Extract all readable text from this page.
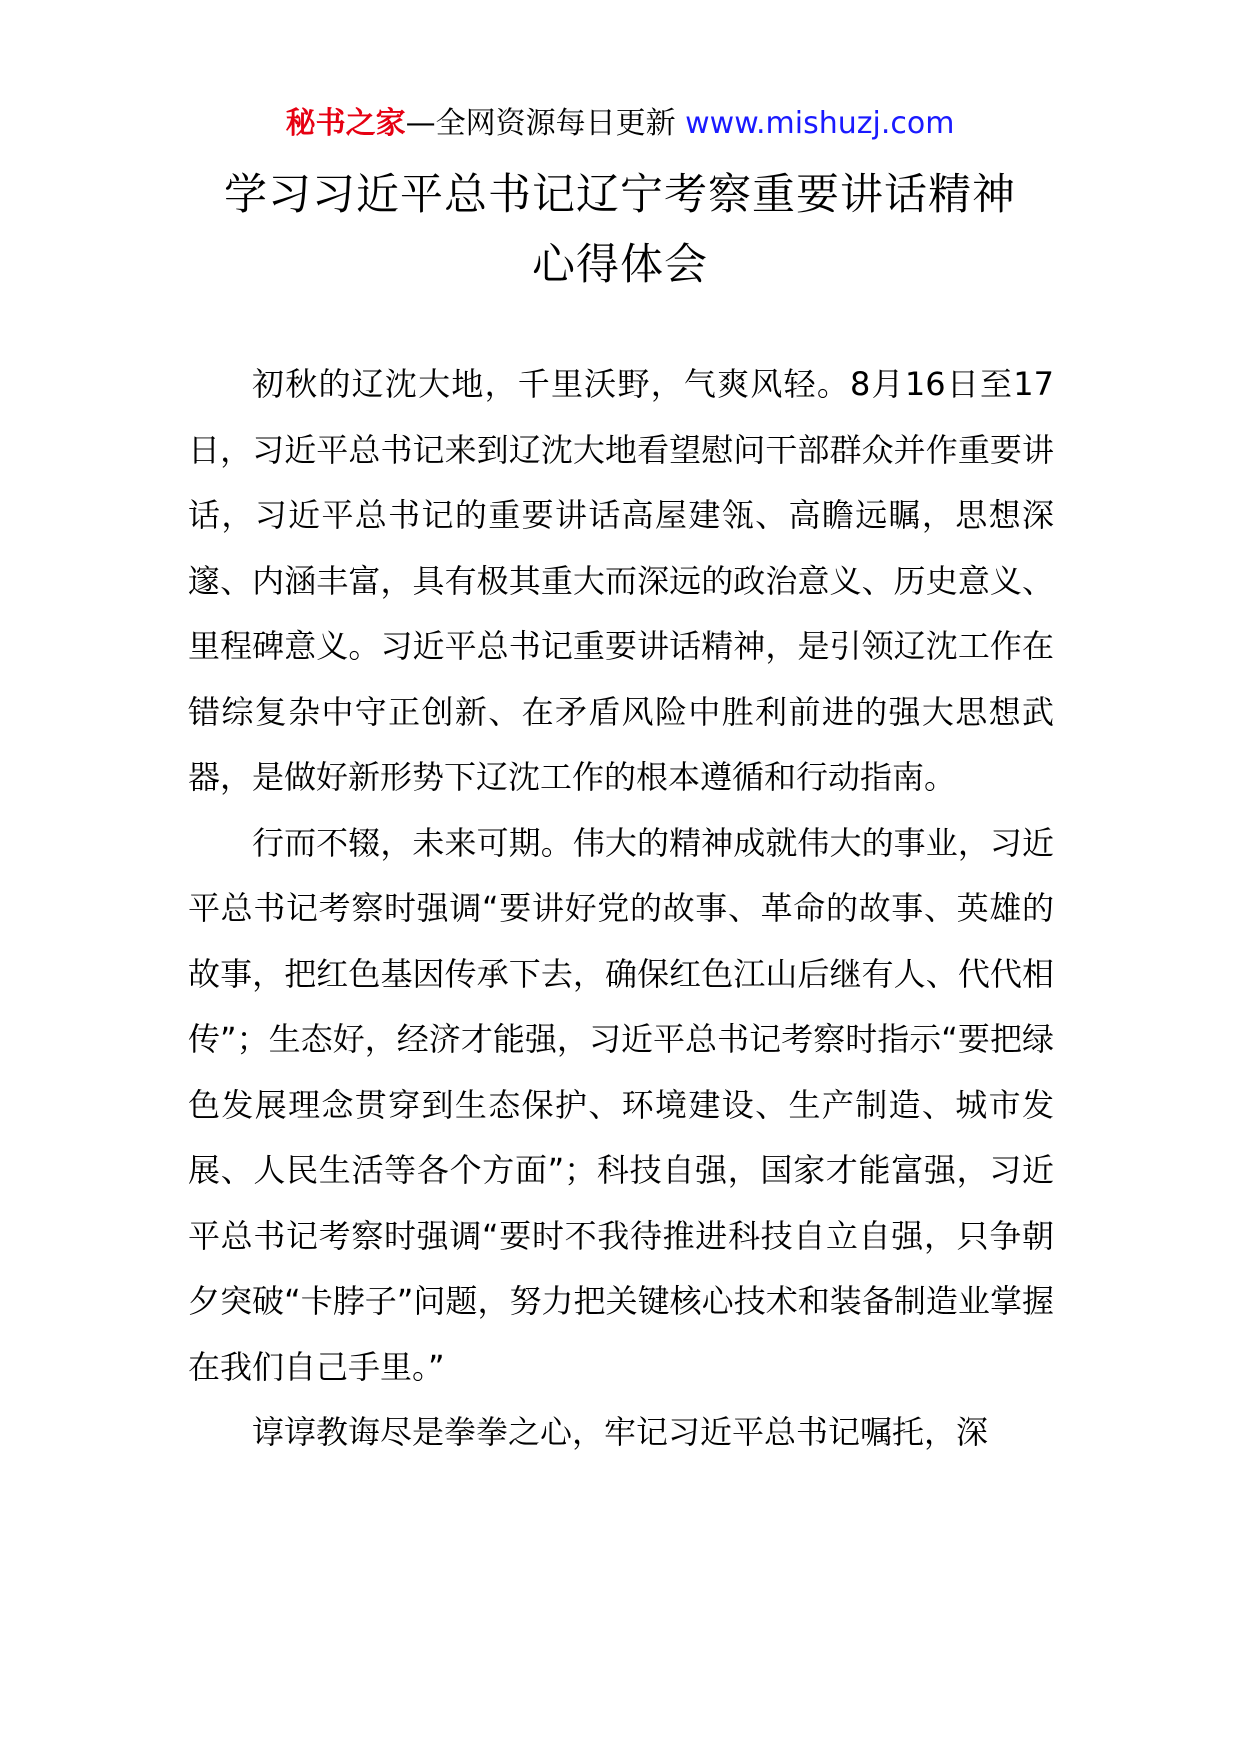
秘书之家—全网资源每日更新 www.mishuzj.com
学习习近平总书记辽宁考察重要讲话精神
心得体会

初秋的辽沈大地，千里沃野，气爽风轻。8月16日至17日，习近平总书记来到辽沈大地看望慰问干部群众并作重要讲话，习近平总书记的重要讲话高屋建瓴、高瞻远瞩，思想深邃、内涵丰富，具有极其重大而深远的政治意义、历史意义、里程碑意义。习近平总书记重要讲话精神，是引领辽沈工作在错综复杂中守正创新、在矛盾风险中胜利前进的强大思想武器，是做好新形势下辽沈工作的根本遵循和行动指南。

行而不辍，未来可期。伟大的精神成就伟大的事业，习近平总书记考察时强调“要讲好党的故事、革命的故事、英雄的故事，把红色基因传承下去，确保红色江山后继有人、代代相传”；生态好，经济才能强，习近平总书记考察时指示“要把绿色发展理念贯穿到生态保护、环境建设、生产制造、城市发展、人民生活等各个方面”；科技自强，国家才能富强，习近平总书记考察时强调“要时不我待推进科技自立自强，只争朝夕突破“卡脖子”问题，努力把关键核心技术和装备制造业掌握在我们自己手里。”

谆谆教诲尽是拳拳之心，牢记习近平总书记嘱托，深
